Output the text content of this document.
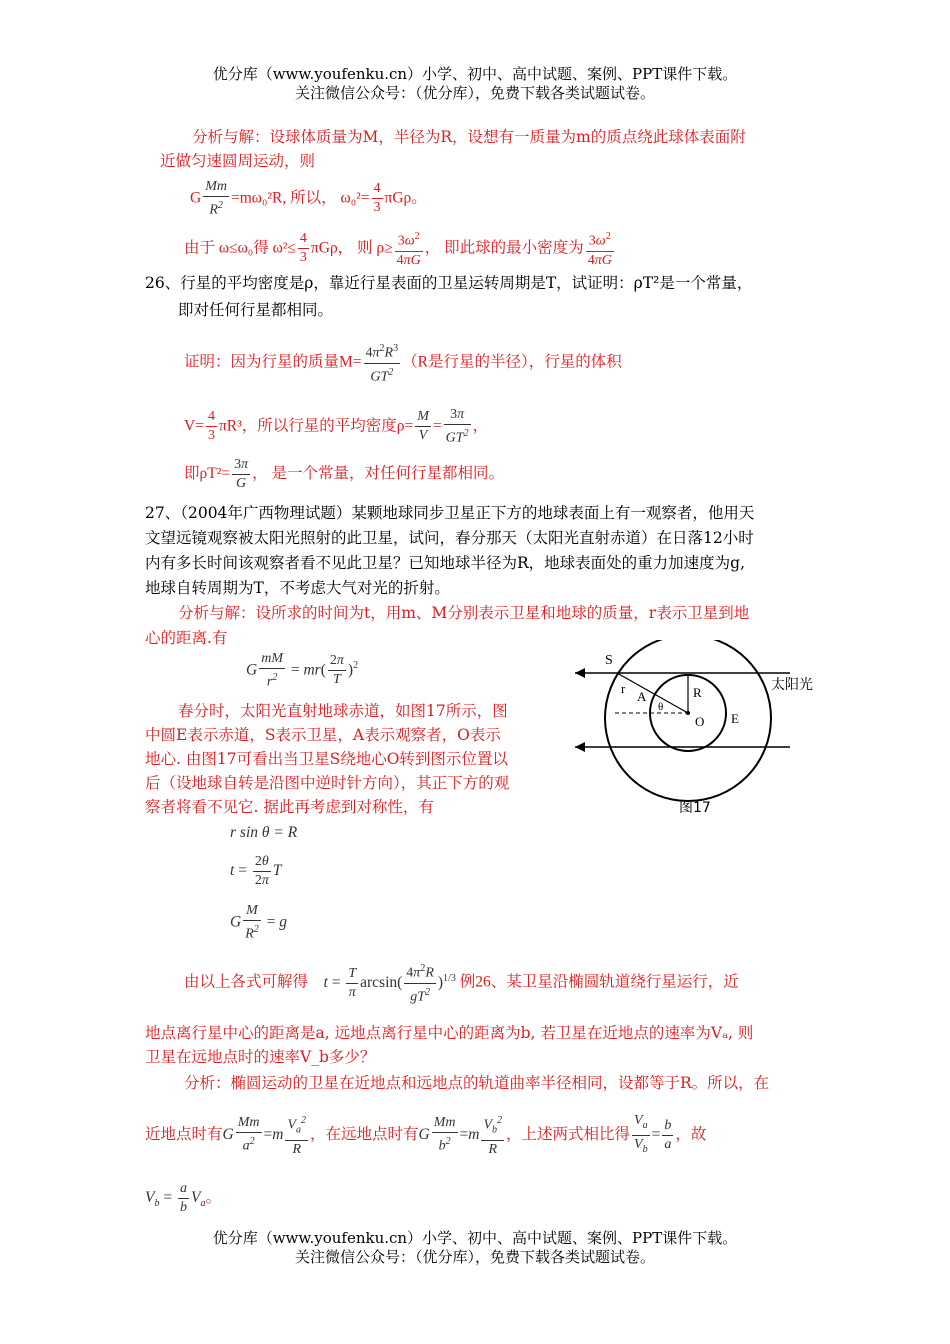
优分库（www.youfenku.cn）小学、初中、高中试题、案例、PPT课件下载。
关注微信公众号：（优分库），免费下载各类试题试卷。
分析与解：设球体质量为M，半径为R，设想有一质量为m的质点绕此球体表面附
近做匀速圆周运动，则
G $\frac{Mm}{R^2} =m\omega_0^2R$, 所以， $\omega_0^2= \frac{4}{3}$ πGρ。
由于 ω≤ω₀得 $\omega^2\le \frac{4}{3}$ πGρ， 则 $\rho\ge \frac{3\omega^2}{4\pi G}$ ， 即此球的最小密度为 $\frac{3\omega^2}{4\pi G}$
26、行星的平均密度是ρ，靠近行星表面的卫星运转周期是T，试证明：ρT²是一个常量，
即对任何行星都相同。
证明：因为行星的质量$M= \frac{4\pi^2R^3}{GT^2} (R$是行星的半径），行星的体积
$V= \frac{4}{3} \pi R^3$，所以行星的平均密度$\rho= \frac{M}{V} = \frac{3\pi}{GT^2}$ ，
即$\rho T^2= \frac{3\pi}{G}$ ， 是一个常量，对任何行星都相同。
27、（2004年广西物理试题）某颗地球同步卫星正下方的地球表面上有一观察者，他用天
文望远镜观察被太阳光照射的此卫星，试问，春分那天（太阳光直射赤道）在日落12小时
内有多长时间该观察者看不见此卫星？已知地球半径为R，地球表面处的重力加速度为g,
地球自转周期为T，不考虑大气对光的折射。
分析与解：设所求的时间为t，用m、M分别表示卫星和地球的质量，r表示卫星到地
心的距离.有
G $\frac{mM}{r^2} = mr( \frac{2\pi}{T} )^2$
春分时，太阳光直射地球赤道，如图17所示，图
中圆E表示赤道，S表示卫星，A表示观察者，O表示
地心. 由图17可看出当卫星S绕地心O转到图示位置以
后（设地球自转是沿图中逆时针方向），其正下方的观
察者将看不见它. 据此再考虑到对称性，有
r sin θ = R
$t = \frac{2\theta}{2\pi}$ T
G $\frac{M}{R^2} = g$
由以上各式可解得 $t = \frac{T}{\pi} \arcsin( \frac{4\pi^2R}{gT^2} )^{1/3}$ 例26、某卫星沿椭圆轨道绕行星运行，近
地点离行星中心的距离是a, 远地点离行星中心的距离为b, 若卫星在近地点的速率为Vₐ, 则
卫星在远地点时的速率V_b多少？
分析：椭圆运动的卫星在近地点和远地点的轨道曲率半径相同，设都等于R。所以，在
近地点时有G $\frac{Mm}{a^2} =m \frac{V_a^2}{R}$ ，在远地点时有G $\frac{Mm}{b^2} =m \frac{V_b^2}{R}$ ，上述两式相比得 $\frac{V_a}{V_b} = \frac{b}{a}$ ，故
$V_b = \frac{a}{b} V_a$。
S
r
A	R
θ
O E
太阳光
图17
优分库（www.youfenku.cn）小学、初中、高中试题、案例、PPT课件下载。
关注微信公众号：（优分库），免费下载各类试题试卷。
